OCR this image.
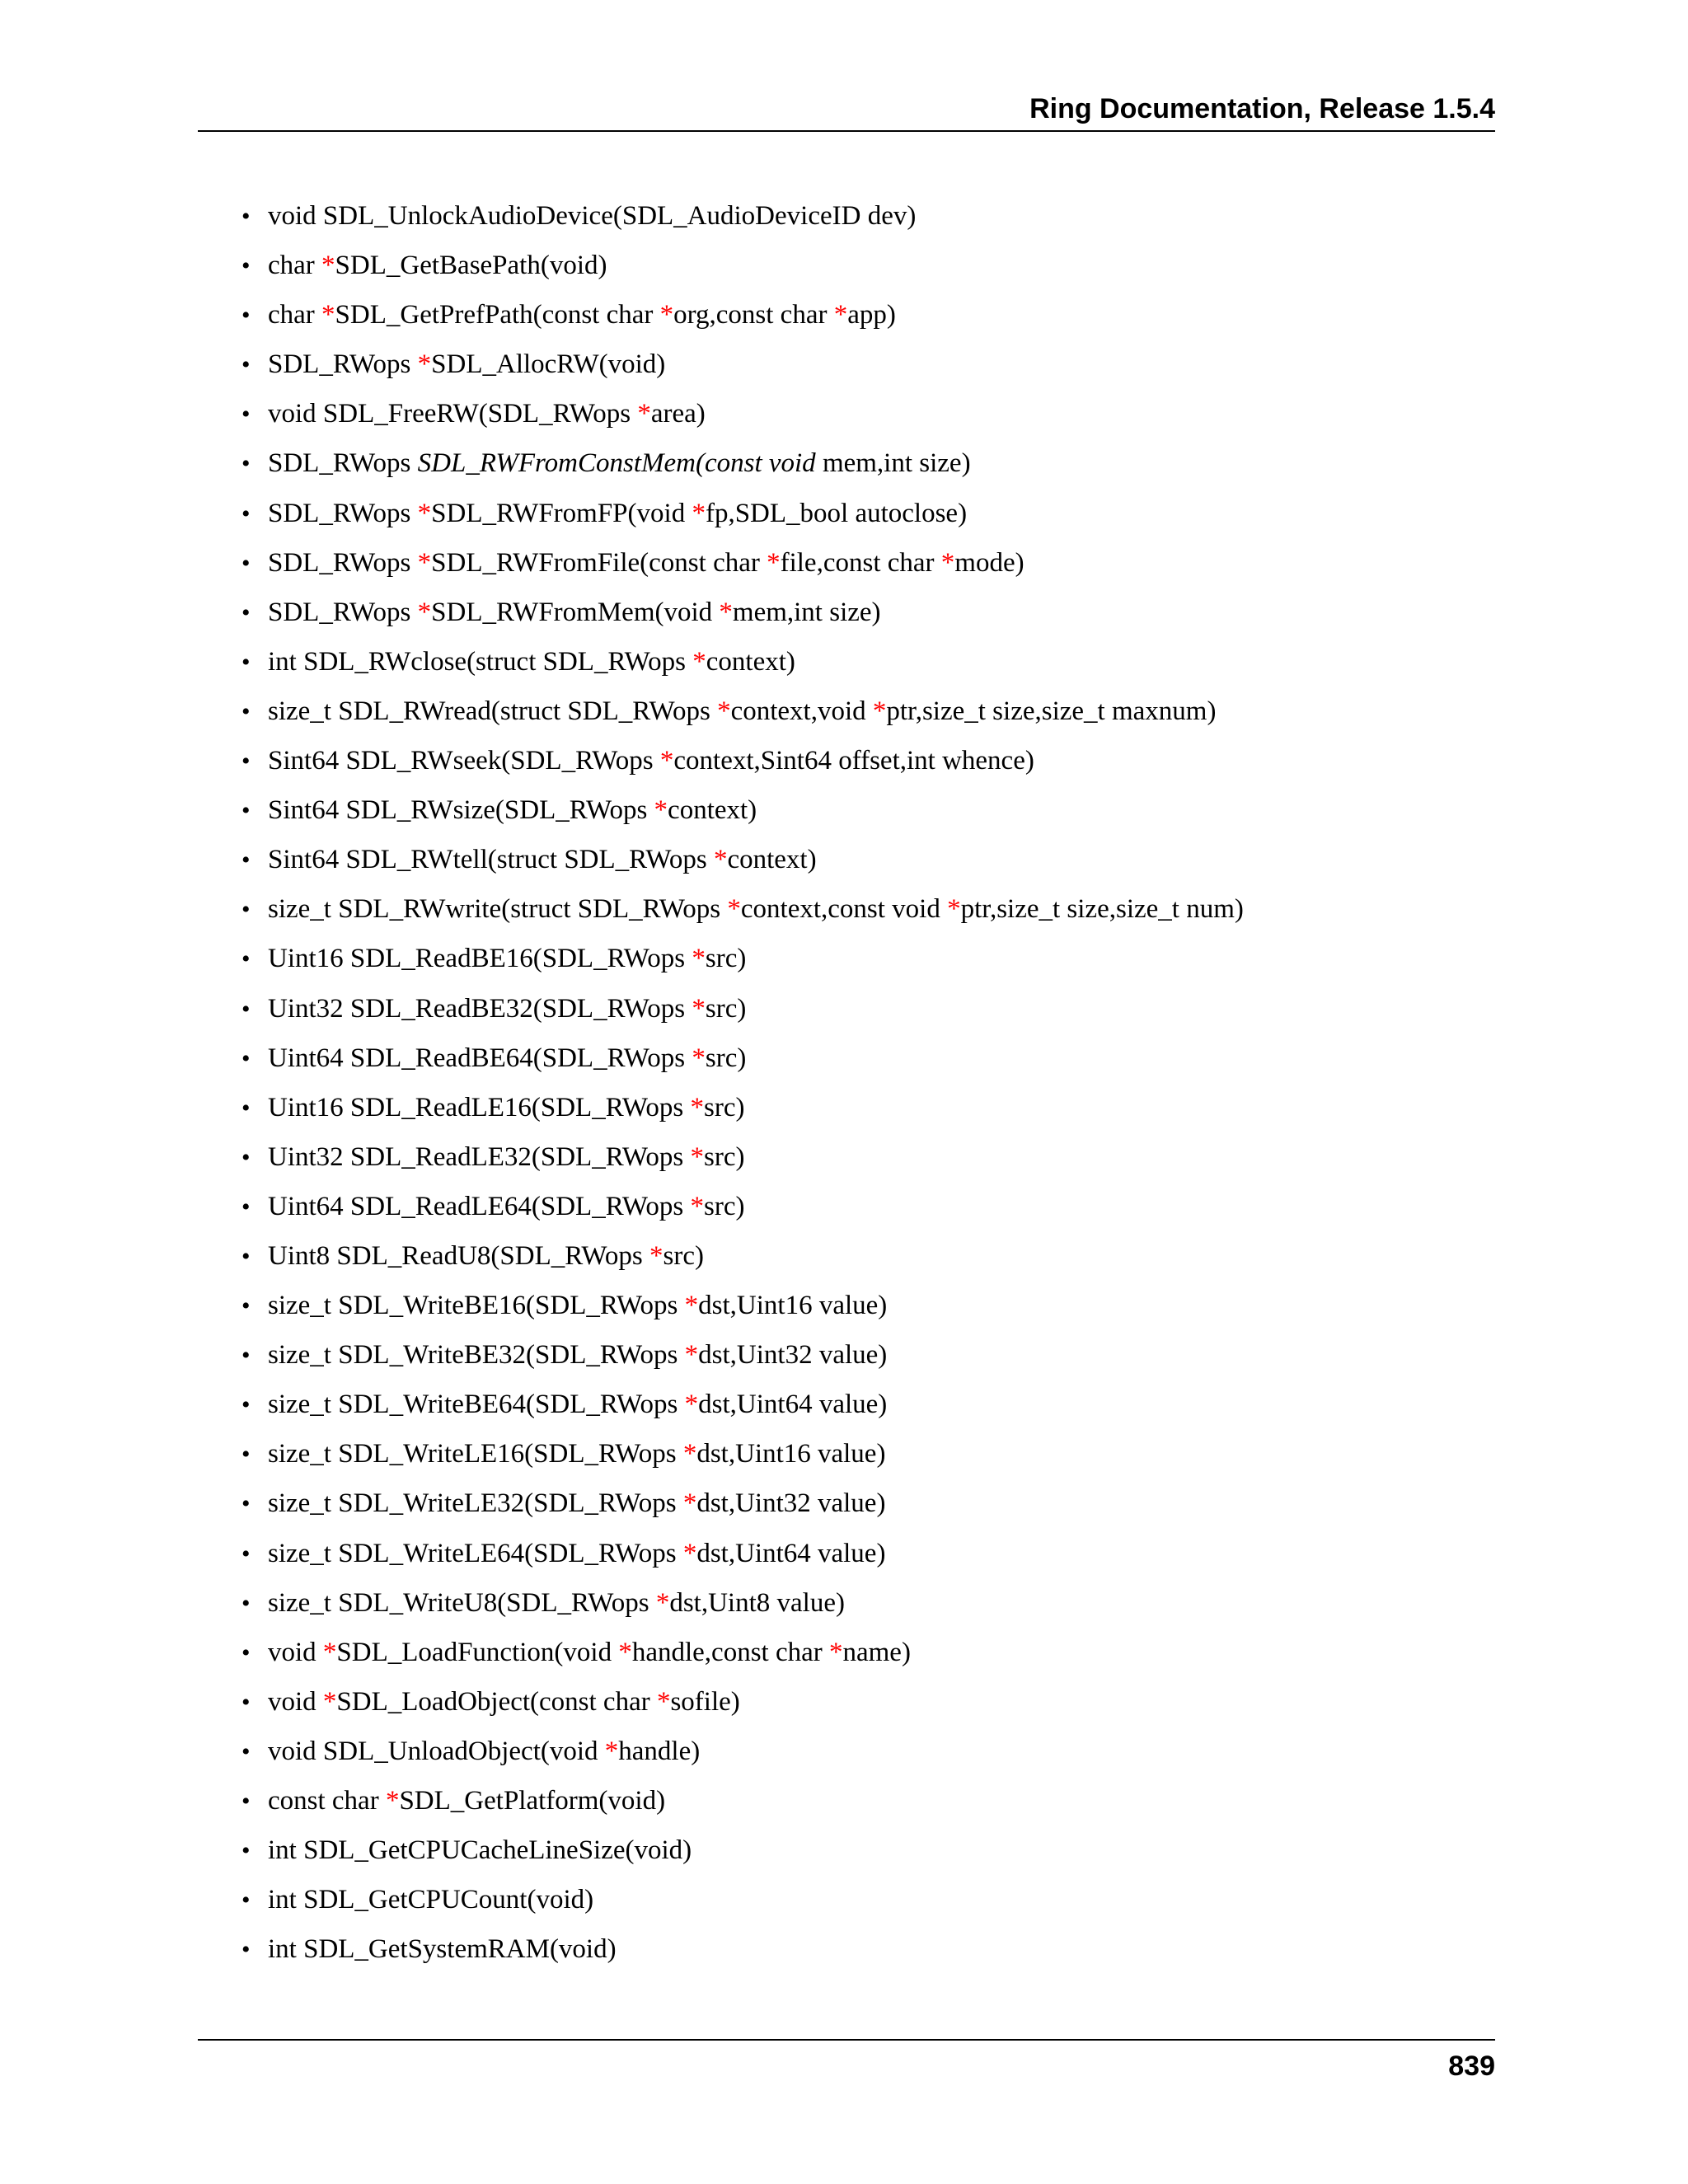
Ring Documentation, Release 1.5.4
• void SDL_UnlockAudioDevice(SDL_AudioDeviceID dev)
• char *SDL_GetBasePath(void)
• char *SDL_GetPrefPath(const char *org,const char *app)
• SDL_RWops *SDL_AllocRW(void)
• void SDL_FreeRW(SDL_RWops *area)
• SDL_RWops SDL_RWFromConstMem(const void mem,int size)
• SDL_RWops *SDL_RWFromFP(void *fp,SDL_bool autoclose)
• SDL_RWops *SDL_RWFromFile(const char *file,const char *mode)
• SDL_RWops *SDL_RWFromMem(void *mem,int size)
• int SDL_RWclose(struct SDL_RWops *context)
• size_t SDL_RWread(struct SDL_RWops *context,void *ptr,size_t size,size_t maxnum)
• Sint64 SDL_RWseek(SDL_RWops *context,Sint64 offset,int whence)
• Sint64 SDL_RWsize(SDL_RWops *context)
• Sint64 SDL_RWtell(struct SDL_RWops *context)
• size_t SDL_RWwrite(struct SDL_RWops *context,const void *ptr,size_t size,size_t num)
• Uint16 SDL_ReadBE16(SDL_RWops *src)
• Uint32 SDL_ReadBE32(SDL_RWops *src)
• Uint64 SDL_ReadBE64(SDL_RWops *src)
• Uint16 SDL_ReadLE16(SDL_RWops *src)
• Uint32 SDL_ReadLE32(SDL_RWops *src)
• Uint64 SDL_ReadLE64(SDL_RWops *src)
• Uint8 SDL_ReadU8(SDL_RWops *src)
• size_t SDL_WriteBE16(SDL_RWops *dst,Uint16 value)
• size_t SDL_WriteBE32(SDL_RWops *dst,Uint32 value)
• size_t SDL_WriteBE64(SDL_RWops *dst,Uint64 value)
• size_t SDL_WriteLE16(SDL_RWops *dst,Uint16 value)
• size_t SDL_WriteLE32(SDL_RWops *dst,Uint32 value)
• size_t SDL_WriteLE64(SDL_RWops *dst,Uint64 value)
• size_t SDL_WriteU8(SDL_RWops *dst,Uint8 value)
• void *SDL_LoadFunction(void *handle,const char *name)
• void *SDL_LoadObject(const char *sofile)
• void SDL_UnloadObject(void *handle)
• const char *SDL_GetPlatform(void)
• int SDL_GetCPUCacheLineSize(void)
• int SDL_GetCPUCount(void)
• int SDL_GetSystemRAM(void)
839
